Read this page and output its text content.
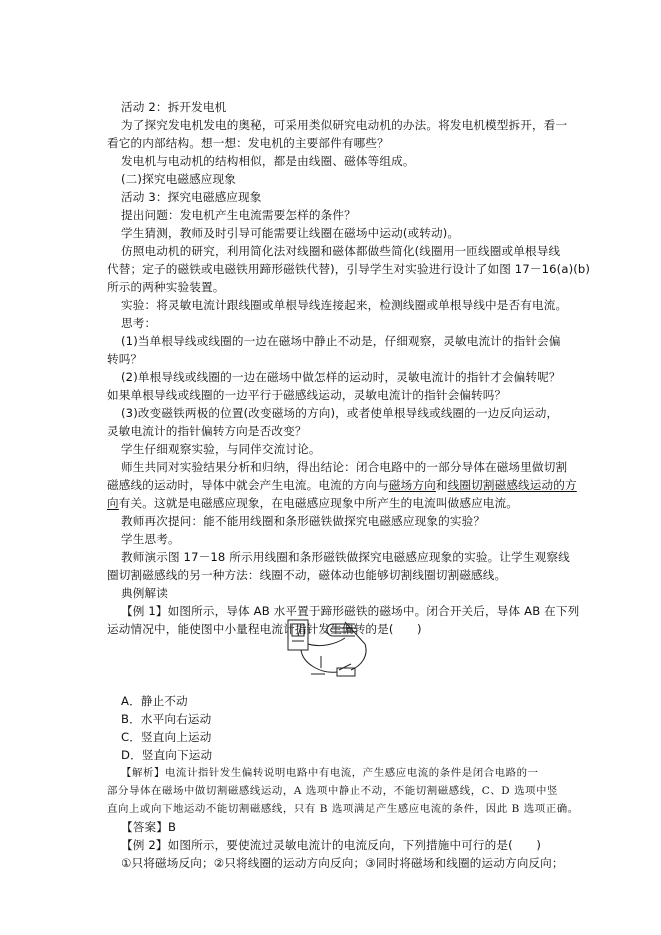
活动 2：拆开发电机
为了探究发电机发电的奥秘，可采用类似研究电动机的办法。将发电机模型拆开，看一
看它的内部结构。想一想：发电机的主要部件有哪些？
发电机与电动机的结构相似，都是由线圈、磁体等组成。
(二)探究电磁感应现象
活动 3：探究电磁感应现象
提出问题：发电机产生电流需要怎样的条件？
学生猜测，教师及时引导可能需要让线圈在磁场中运动(或转动)。
仿照电动机的研究，利用简化法对线圈和磁体都做些简化(线圈用一匝线圈或单根导线
代替；定子的磁铁或电磁铁用蹄形磁铁代替)，引导学生对实验进行设计了如图 17－16(a)(b)
所示的两种实验装置。
实验：将灵敏电流计跟线圈或单根导线连接起来，检测线圈或单根导线中是否有电流。
思考：
(1)当单根导线或线圈的一边在磁场中静止不动是，仔细观察，灵敏电流计的指针会偏
转吗？
(2)单根导线或线圈的一边在磁场中做怎样的运动时，灵敏电流计的指针才会偏转呢？
如果单根导线或线圈的一边平行于磁感线运动，灵敏电流计的指针会偏转吗？
(3)改变磁铁两极的位置(改变磁场的方向)，或者使单根导线或线圈的一边反向运动，
灵敏电流计的指针偏转方向是否改变？
学生仔细观察实验，与同伴交流讨论。
师生共同对实验结果分析和归纳，得出结论：闭合电路中的一部分导体在磁场里做切割
磁感线的运动时，导体中就会产生电流。电流的方向与磁场方向和线圈切割磁感线运动的方
向有关。这就是电磁感应现象，在电磁感应现象中所产生的电流叫做感应电流。
教师再次提问：能不能用线圈和条形磁铁做探究电磁感应现象的实验？
学生思考。
教师演示图 17－18 所示用线圈和条形磁铁做探究电磁感应现象的实验。让学生观察线
圈切割磁感线的另一种方法：线圈不动，磁体动也能够切割线圈切割磁感线。
典例解读
【例 1】如图所示，导体 AB 水平置于蹄形磁铁的磁场中。闭合开关后，导体 AB 在下列
运动情况中，能使图中小量程电流计指针发生偏转的是(　　)
A．静止不动
B．水平向右运动
C．竖直向上运动
D．竖直向下运动
【解析】电流计指针发生偏转说明电路中有电流，产生感应电流的条件是闭合电路的一
部分导体在磁场中做切割磁感线运动，A 选项中静止不动，不能切割磁感线，C、D 选项中竖
直向上或向下地运动不能切割磁感线，只有 B 选项满足产生感应电流的条件，因此 B 选项正确。
【答案】B
【例 2】如图所示，要使流过灵敏电流计的电流反向，下列措施中可行的是(　　)
①只将磁场反向；②只将线圈的运动方向反向；③同时将磁场和线圈的运动方向反向；
